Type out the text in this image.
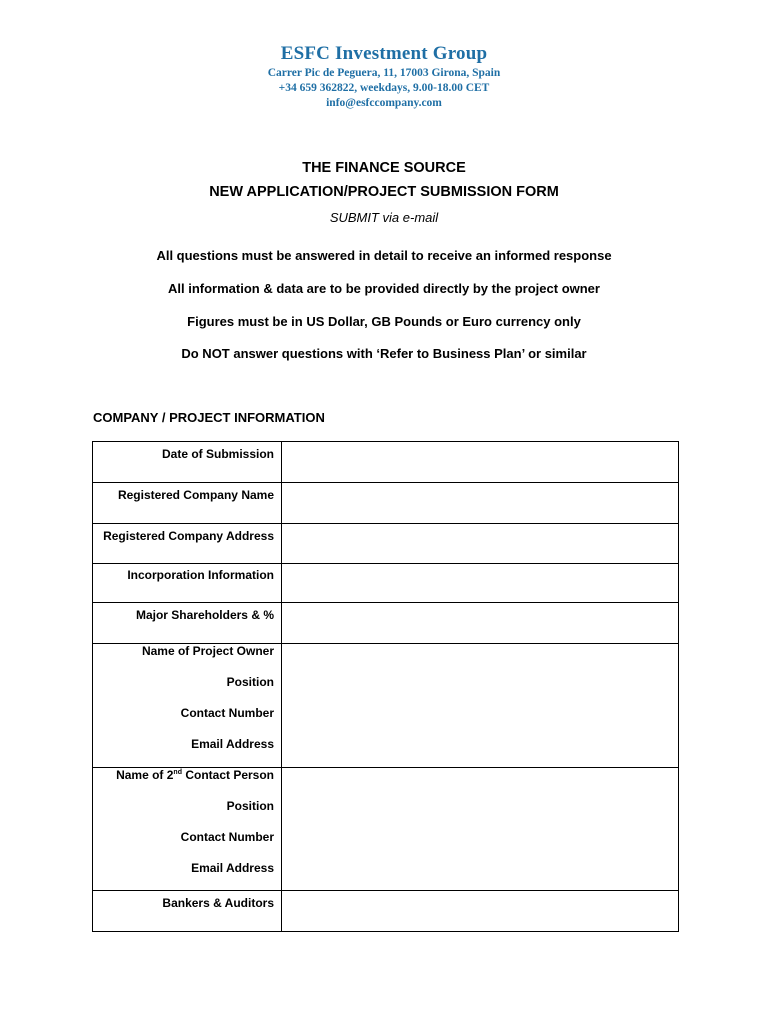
ESFC Investment Group
Carrer Pic de Peguera, 11, 17003 Girona, Spain
+34 659 362822, weekdays, 9.00-18.00 CET
info@esfccompany.com
THE FINANCE SOURCE
NEW APPLICATION/PROJECT SUBMISSION FORM
SUBMIT via e-mail
All questions must be answered in detail to receive an informed response
All information & data are to be provided directly by the project owner
Figures must be in US Dollar, GB Pounds or Euro currency only
Do NOT answer questions with ‘Refer to Business Plan’ or similar
COMPANY / PROJECT INFORMATION
Date of Submission	

Registered Company Name	

Registered Company Address	

Incorporation Information	

Major Shareholders & %	

Name of Project Owner
Position
Contact Number
Email Address	

Name of 2nd Contact Person
Position
Contact Number
Email Address	

Bankers & Auditors	
